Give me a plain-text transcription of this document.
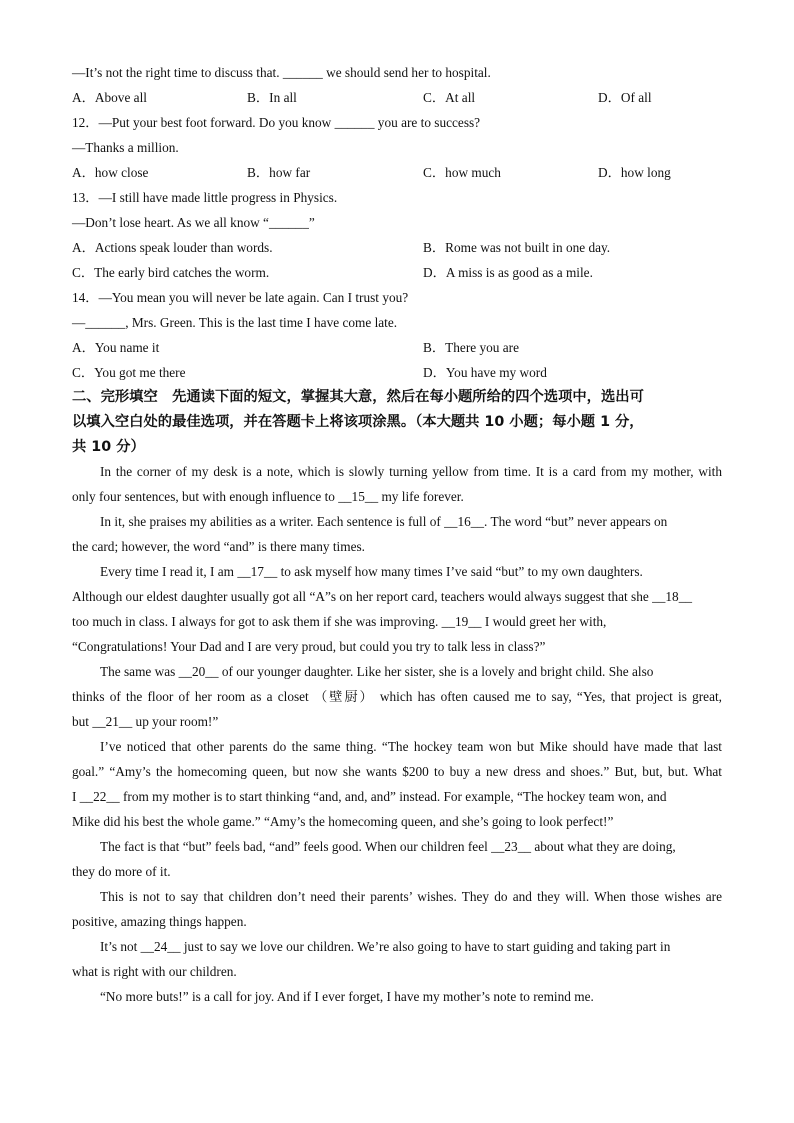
—It’s not the right time to discuss that. ______ we should send her to hospital.
A．Above all	B．In all	C．At all	D．Of all
12．—Put your best foot forward. Do you know ______ you are to success?
—Thanks a million.
A．how close	B．how far	C．how much	D．how long
13．—I still have made little progress in Physics.
—Don’t lose heart. As we all know “______”
A．Actions speak louder than words.	B．Rome was not built in one day.
C．The early bird catches the worm.	D．A miss is as good as a mile.
14．—You mean you will never be late again. Can I trust you?
—______, Mrs. Green. This is the last time I have come late.
A．You name it	B．There you are
C．You got me there	D．You have my word
二、完形填空　先通读下面的短文，掌握其大意，然后在每小题所给的四个选项中，选出可
以填入空白处的最佳选项，并在答题卡上将该项涂黑。（本大题共 10 小题；每小题 1 分，
共 10 分）
In the corner of my desk is a note, which is slowly turning yellow from time. It is a card from my mother, with
only four sentences, but with enough influence to __15__ my life forever.
In it, she praises my abilities as a writer. Each sentence is full of __16__. The word “but” never appears on
the card; however, the word “and” is there many times.
Every time I read it, I am __17__ to ask myself how many times I’ve said “but” to my own daughters.
Although our eldest daughter usually got all “A”s on her report card, teachers would always suggest that she __18__
too much in class. I always for got to ask them if she was improving. __19__ I would greet her with,
“Congratulations! Your Dad and I are very proud, but could you try to talk less in class?”
The same was __20__ of our younger daughter. Like her sister, she is a lovely and bright child. She also
thinks of the floor of her room as a closet （壁厨） which has often caused me to say, “Yes, that project is great,
but __21__ up your room!”
I’ve noticed that other parents do the same thing. “The hockey team won but Mike should have made that last
goal.” “Amy’s the homecoming queen, but now she wants $200 to buy a new dress and shoes.” But, but, but. What
I __22__ from my mother is to start thinking “and, and, and” instead. For example, “The hockey team won, and
Mike did his best the whole game.” “Amy’s the homecoming queen, and she’s going to look perfect!”
The fact is that “but” feels bad, “and” feels good. When our children feel __23__ about what they are doing,
they do more of it.
This is not to say that children don’t need their parents’ wishes. They do and they will. When those wishes are
positive, amazing things happen.
It’s not __24__ just to say we love our children. We’re also going to have to start guiding and taking part in
what is right with our children.
“No more buts!” is a call for joy. And if I ever forget, I have my mother’s note to remind me.
